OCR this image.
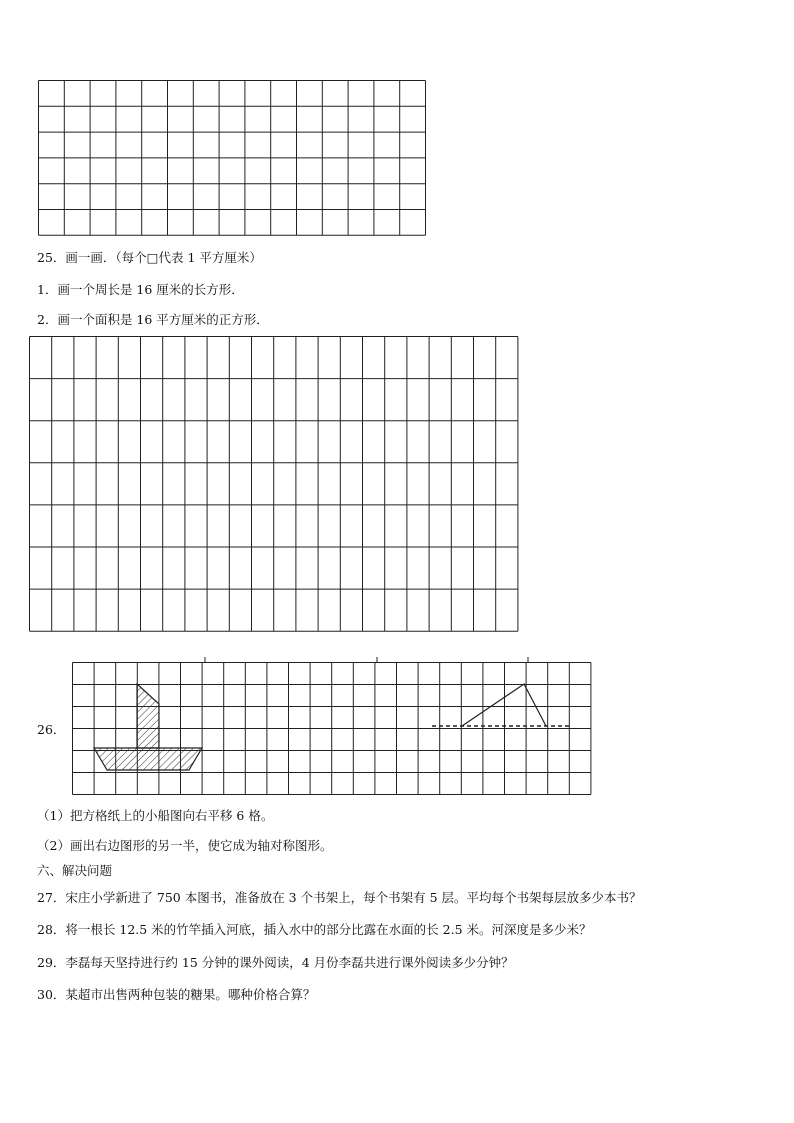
25．画一画．（每个□代表 1 平方厘米）
1．画一个周长是 16 厘米的长方形．
2．画一个面积是 16 平方厘米的正方形．
26．
（1）把方格纸上的小船图向右平移 6 格。
（2）画出右边图形的另一半，使它成为轴对称图形。
六、解决问题
27．宋庄小学新进了 750 本图书，准备放在 3 个书架上，每个书架有 5 层。平均每个书架每层放多少本书？
28．将一根长 12.5 米的竹竿插入河底，插入水中的部分比露在水面的长 2.5 米。河深度是多少米？
29．李磊每天坚持进行约 15 分钟的课外阅读，4 月份李磊共进行课外阅读多少分钟？
30．某超市出售两种包装的糖果。哪种价格合算？
